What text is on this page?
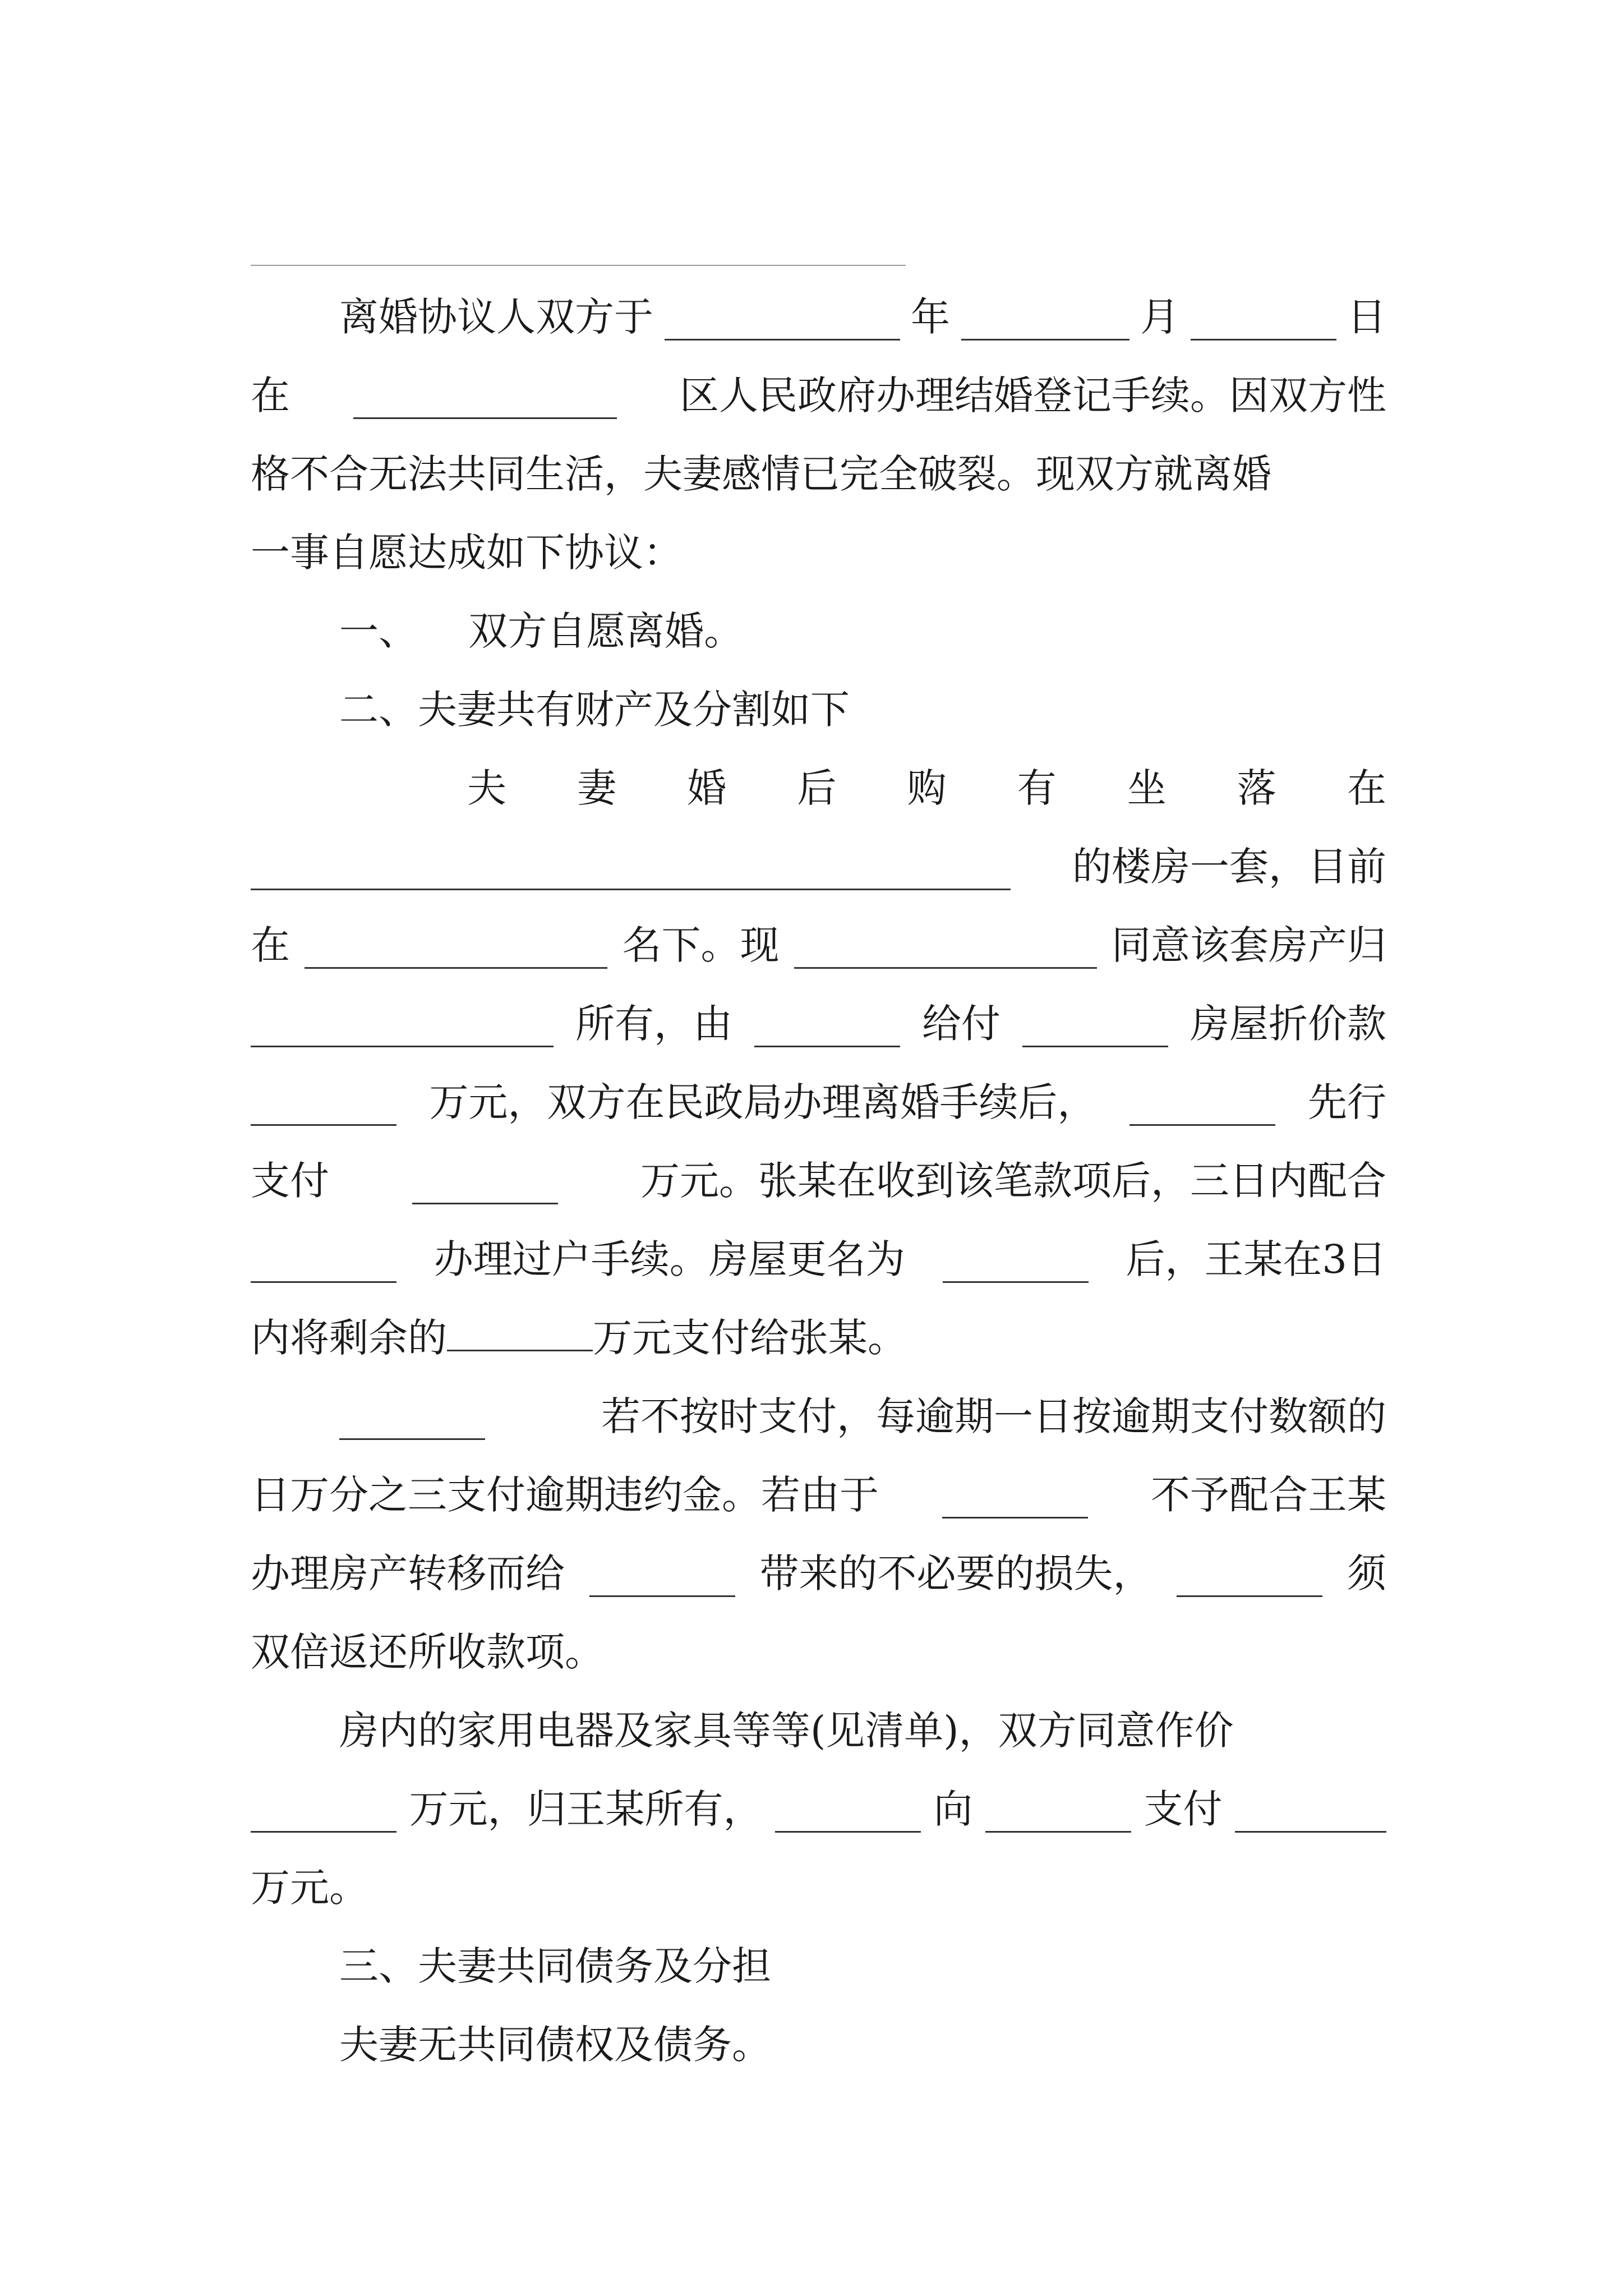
离婚协议人双方于	年	月	日
在	区人民政府办理结婚登记手续。因双方性
格不合无法共同生活，夫妻感情已完全破裂。现双方就离婚
一事自愿达成如下协议：
一、 双方自愿离婚。
二、夫妻共有财产及分割如下
夫 妻 婚 后 购 有 坐 落 在
的楼房一套，目前
在	名下。现	同意该套房产归
所有，由	给付	房屋折价款
万元，双方在民政局办理离婚手续后，	先行
支付	万元。张某在收到该笔款项后，三日内配合
办理过户手续。房屋更名为	后，王某在3日
内将剩余的	万元支付给张某。
若不按时支付，每逾期一日按逾期支付数额的
日万分之三支付逾期违约金。若由于	不予配合王某
办理房产转移而给	带来的不必要的损失，	须
双倍返还所收款项。
房内的家用电器及家具等等(见清单)，双方同意作价
万元，归王某所有，	向	支付
万元。
三、夫妻共同债务及分担
夫妻无共同债权及债务。
